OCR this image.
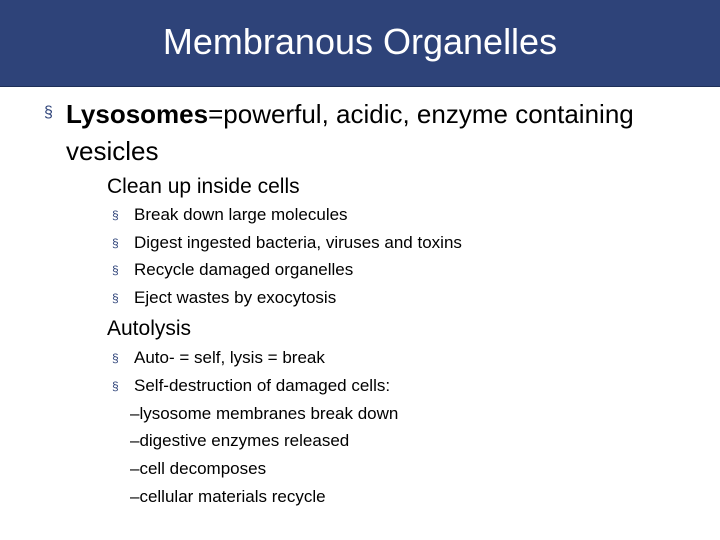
Membranous Organelles
§ Lysosomes=powerful, acidic, enzyme containing vesicles
Clean up inside cells
§ Break down large molecules
§ Digest ingested bacteria, viruses and toxins
§ Recycle damaged organelles
§ Eject wastes by exocytosis
Autolysis
§ Auto- = self, lysis = break
§ Self-destruction of damaged cells:
–lysosome membranes break down
–digestive enzymes released
–cell decomposes
–cellular materials recycle
